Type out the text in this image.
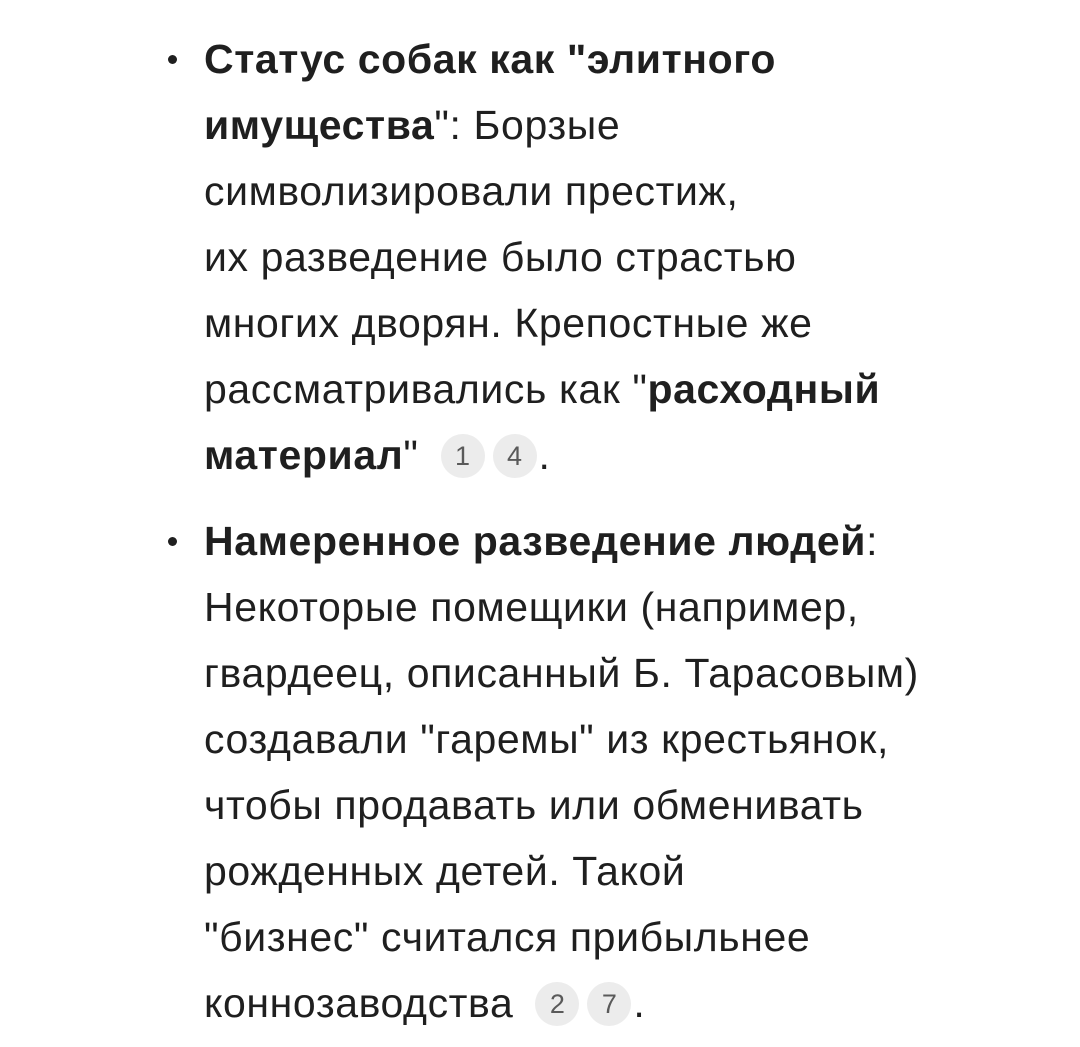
Статус собак как "элитного
имущества": Борзые
символизировали престиж,
их разведение было страстью
многих дворян. Крепостные же
рассматривались как "расходный
материал" 1 4 .
Намеренное разведение людей:
Некоторые помещики (например,
гвардеец, описанный Б. Тарасовым)
создавали "гаремы" из крестьянок,
чтобы продавать или обменивать
рожденных детей. Такой
"бизнес" считался прибыльнее
коннозаводства 2 7 .
